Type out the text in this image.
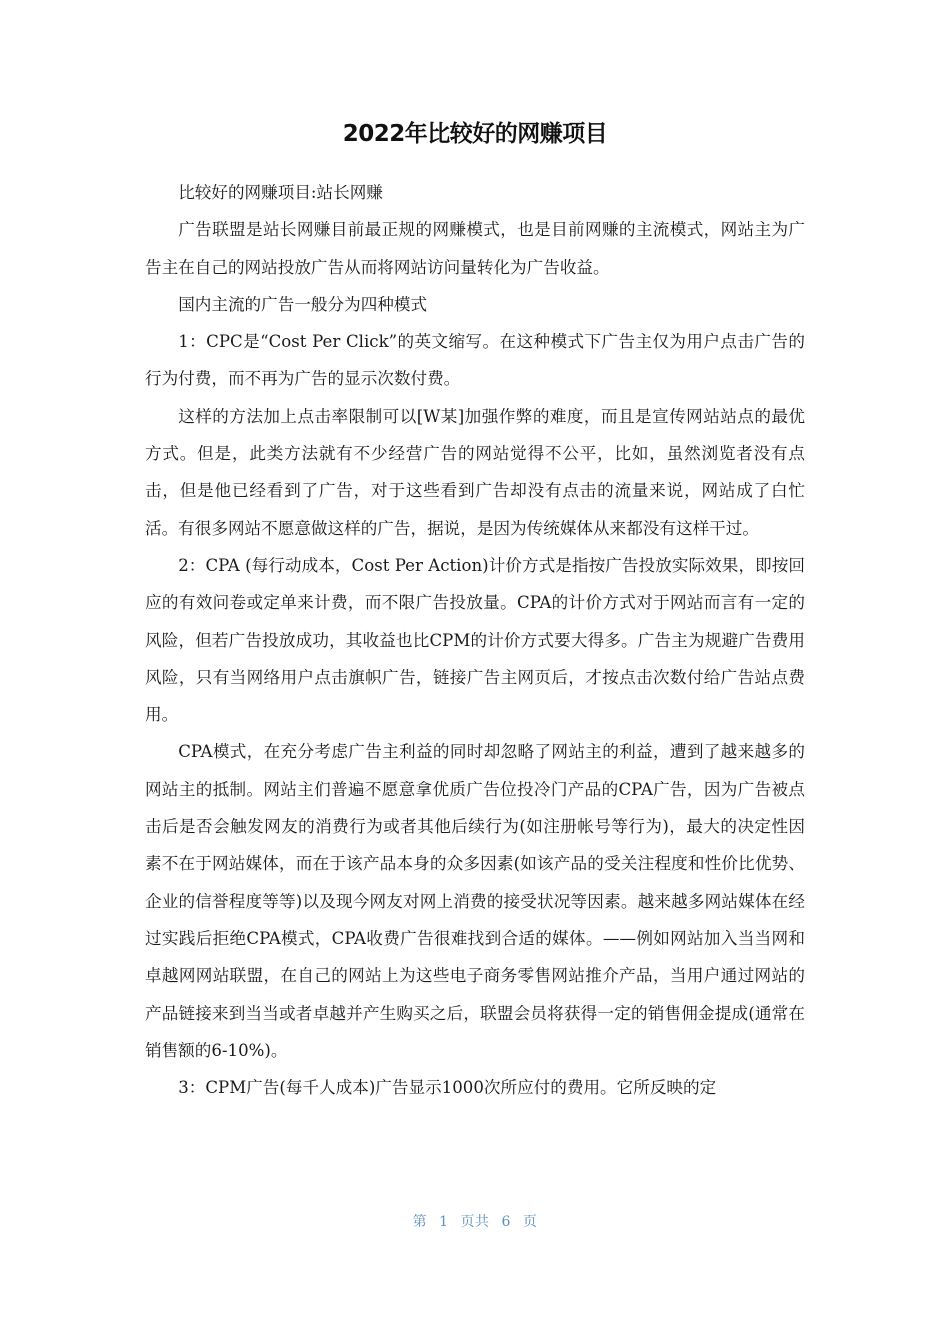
2022年比较好的网赚项目

比较好的网赚项目:站长网赚

广告联盟是站长网赚目前最正规的网赚模式，也是目前网赚的主流模式，网站主为广告主在自己的网站投放广告从而将网站访问量转化为广告收益。

国内主流的广告一般分为四种模式

1：CPC是“Cost Per Click”的英文缩写。在这种模式下广告主仅为用户点击广告的行为付费，而不再为广告的显示次数付费。

这样的方法加上点击率限制可以[W某]加强作弊的难度，而且是宣传网站站点的最优方式。但是，此类方法就有不少经营广告的网站觉得不公平，比如，虽然浏览者没有点击，但是他已经看到了广告，对于这些看到广告却没有点击的流量来说，网站成了白忙活。有很多网站不愿意做这样的广告，据说，是因为传统媒体从来都没有这样干过。

2：CPA (每行动成本，Cost Per Action)计价方式是指按广告投放实际效果，即按回应的有效问卷或定单来计费，而不限广告投放量。CPA的计价方式对于网站而言有一定的风险，但若广告投放成功，其收益也比CPM的计价方式要大得多。广告主为规避广告费用风险，只有当网络用户点击旗帜广告，链接广告主网页后，才按点击次数付给广告站点费用。

CPA模式，在充分考虑广告主利益的同时却忽略了网站主的利益，遭到了越来越多的网站主的抵制。网站主们普遍不愿意拿优质广告位投冷门产品的CPA广告，因为广告被点击后是否会触发网友的消费行为或者其他后续行为(如注册帐号等行为)，最大的决定性因素不在于网站媒体，而在于该产品本身的众多因素(如该产品的受关注程度和性价比优势、企业的信誉程度等等)以及现今网友对网上消费的接受状况等因素。越来越多网站媒体在经过实践后拒绝CPA模式，CPA收费广告很难找到合适的媒体。——例如网站加入当当网和卓越网网站联盟，在自己的网站上为这些电子商务零售网站推介产品，当用户通过网站的产品链接来到当当或者卓越并产生购买之后，联盟会员将获得一定的销售佣金提成(通常在销售额的6-10%)。

3：CPM广告(每千人成本)广告显示1000次所应付的费用。它所反映的定

第 1 页共 6 页
